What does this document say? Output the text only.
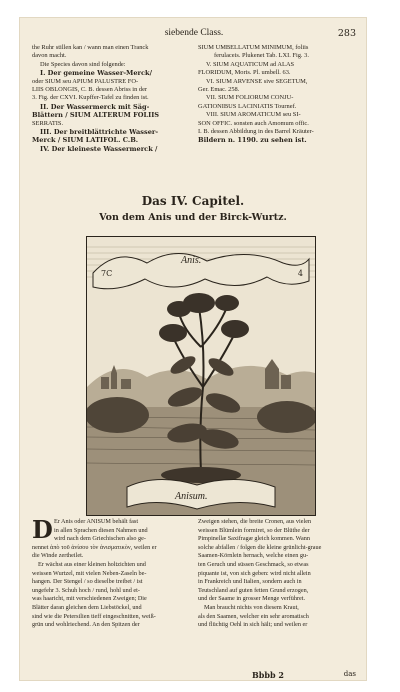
siebende Class.	283

the Ruhr stillen kan / wann man einen Tranck

davon macht.

Die Species davon sind folgende:

I. Der gemeine Wasser-Merck/

oder SIUM seu APIUM PALUSTRE FO-

LIIS OBLONGIS, C. B. dessen Abriss in der

3. Fig. der CXVI. Kupffer-Tafel zu finden ist.

II. Der Wassermerck mit Säg-

Blättern / SIUM ALTERUM FOLIIS

SERRATIS.

III. Der breitblättrichte Wasser-

Merck / SIUM LATIFOL. C.B.

IV. Der kleineste Wassermerck /

SIUM UMBELLATUM MINIMUM, foliis

ferulaceis. Plukenet Tab. LXI. Fig. 3.

V. SIUM AQUATICUM ad ALAS

FLORIDUM, Moris. Pl. umbell. 63.

VI. SIUM ARVENSE sive SEGETUM,

Ger. Emac. 258.

VII. SIUM FOLIORUM CONJU-

GATIONIBUS LACINIATIS Tournef.

VIII. SIUM AROMATICUM seu SI-

SON OFFIC. sonsten auch Amomum offic.

I. B. dessen Abbildung in des Barrel Kräuter-

Bildern n. 1190. zu sehen ist.

Das IV. Capitel.
Von dem Anis und der Birck-Wurtz.
Anis.
Anisum.
7C	4
D Er Anis oder ANISUM behält fast

in allen Sprachen diesen Nahmen und

wird nach dem Griechischen also ge-

nennet ἀπὸ τοῦ ἀνίσου τὸν ἀνισματικὸν, weilen er

die Winde zertheilet.

Er wächst aus einer kleinen holtzichten und

weissen Wurtzel, mit vielen Neben-Zaseln be-

hangen. Der Stengel / so dieselbe treibet / ist

ungefehr 3. Schuh hoch / rund, hohl und et-

was haaricht, mit verschiedenen Zweigen; Die

Blätter daran gleichen dem Liebstöckel, und

sind wie die Petersilien tieff eingeschnitten, weiß-

grün und wohlriechend. An den Spitzen der

Zweigen stehen, die breite Cronen, aus vielen

weissen Blümlein formiret, so der Blüthe der

Pimpinellæ Saxifragæ gleich kommen. Wann

solche abfallen / folgen die kleine grünlicht-graue

Saamen-Körnlein hernach, welche einen gu-

ten Geruch und süssen Geschmack, so etwas

piquante ist, von sich geben: wird nicht allein

in Frankreich und Italien, sondern auch in

Teutschland auf guten fetten Grund erzogen,

und der Saame in grosser Menge verführet.

Man braucht nichts von diesem Kraut,

als den Saamen, welcher ein sehr aromatisch

und flüchtig Oehl in sich hält; und weilen er

Bbbb 2	das
